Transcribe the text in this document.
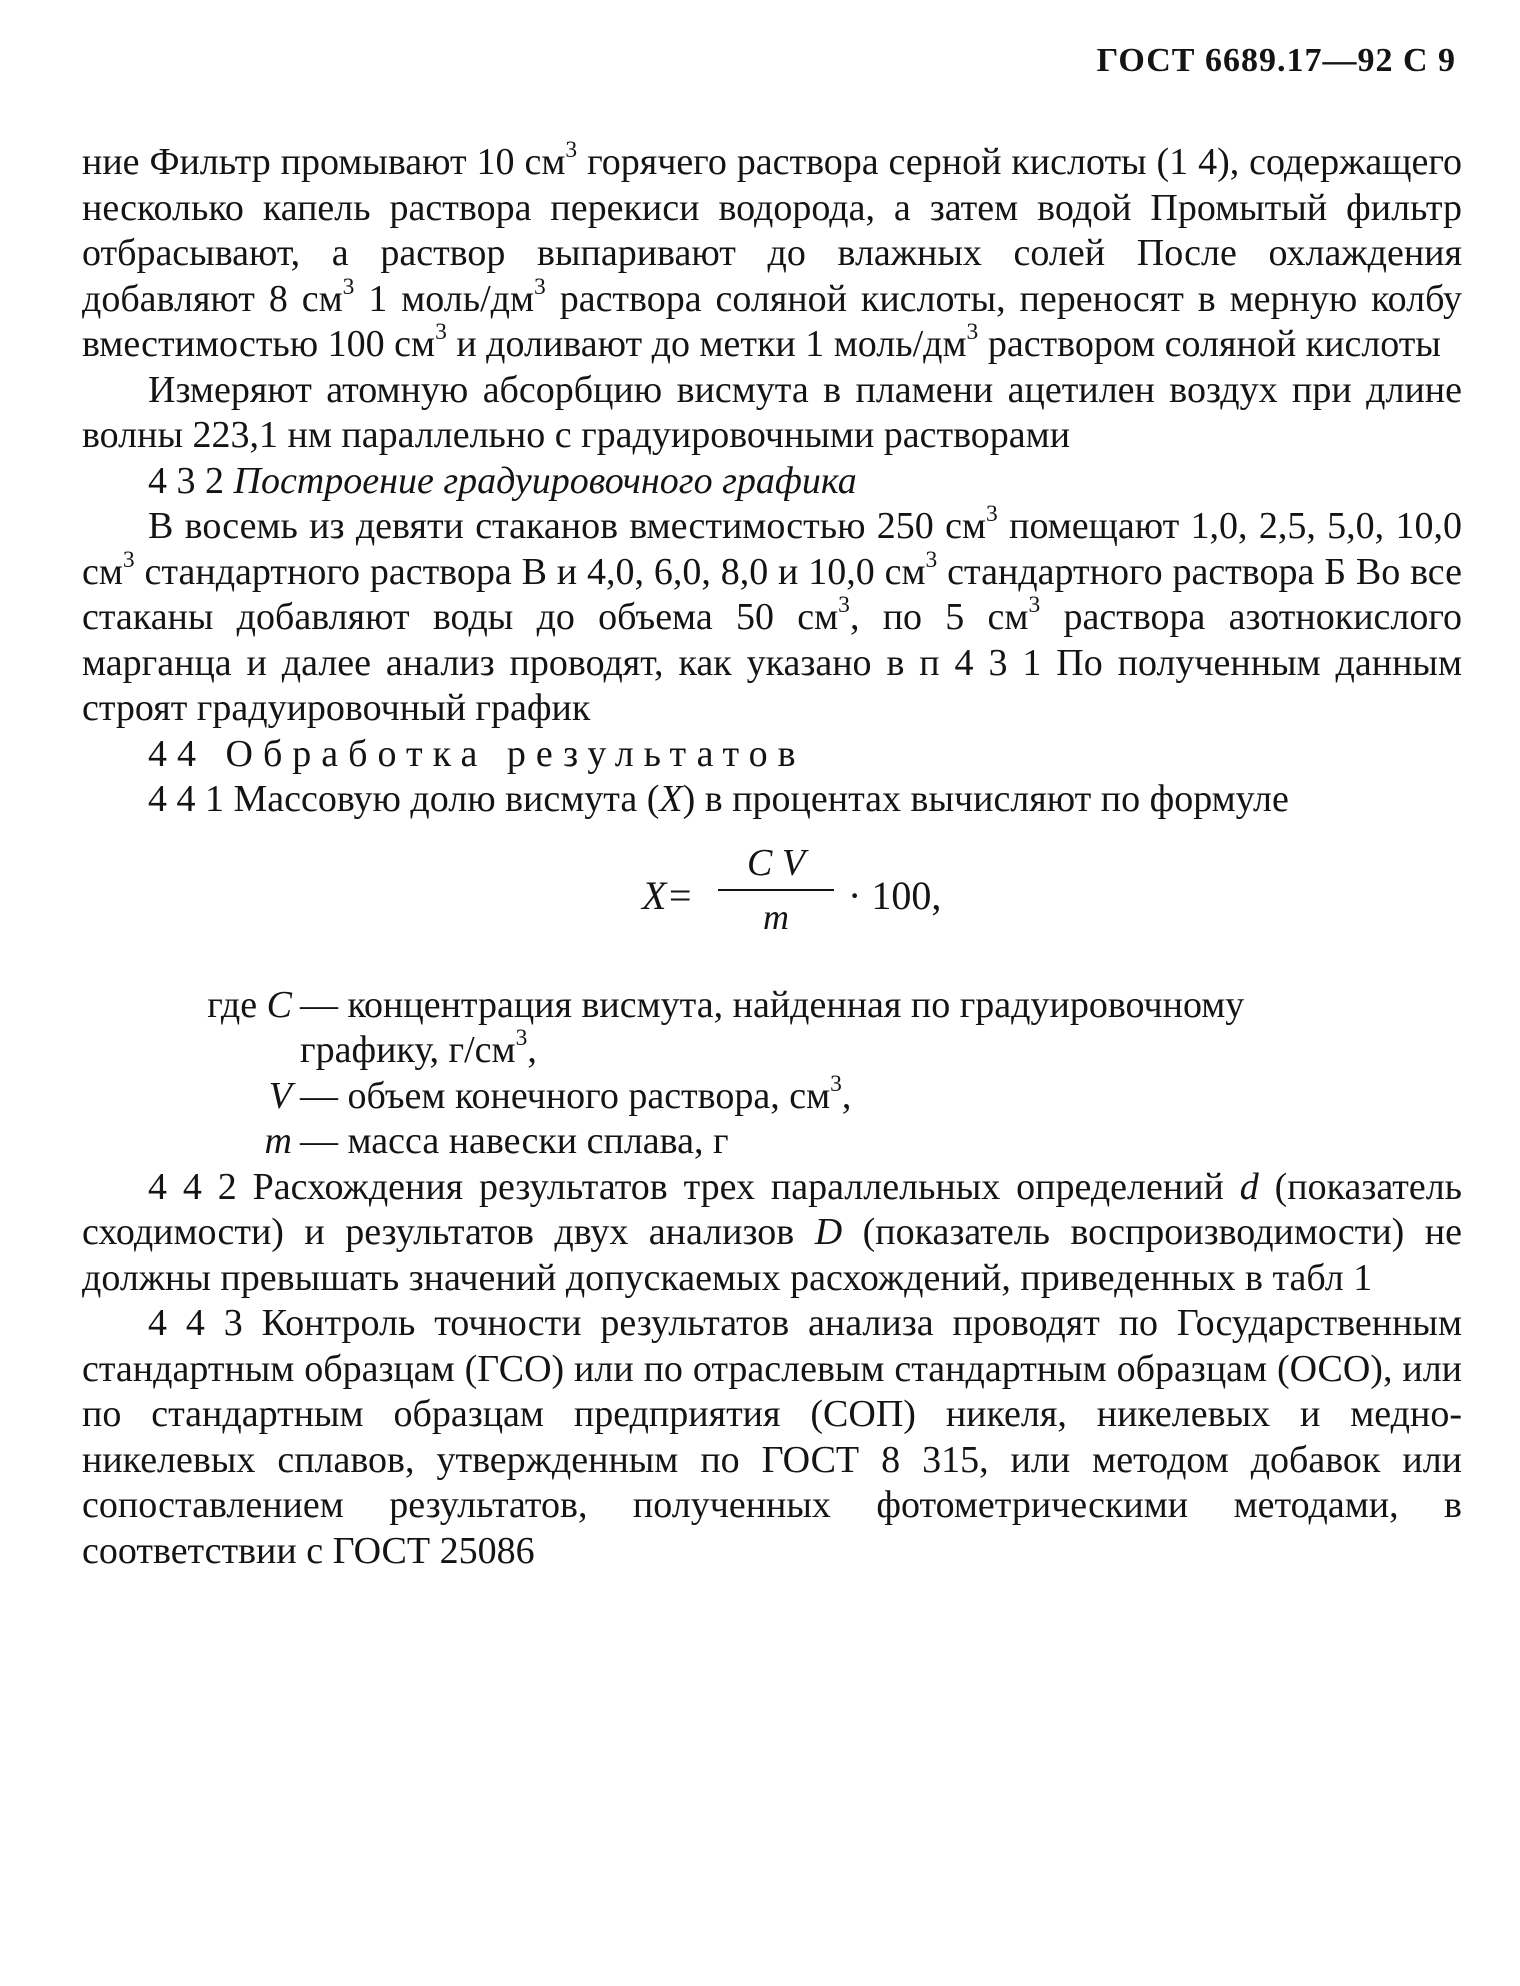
ГОСТ 6689.17—92 С 9

ние Фильтр промывают 10 $см^3$ горячего раствора серной кислоты (1 4), содержащего несколько капель раствора перекиси водорода, а затем водой Промытый фильтр отбрасывают, а раствор выпаривают до влажных солей После охлаждения добавляют 8 $см^3$ 1 моль/$дм^3$ раствора соляной кислоты, переносят в мерную колбу вместимостью 100 $см^3$ и доливают до метки 1 моль/$дм^3$ раствором соляной кислоты

Измеряют атомную абсорбцию висмута в пламени ацетилен воздух при длине волны 223,1 нм параллельно с градуировочными растворами

4 3 2 Построение градуировочного графика

В восемь из девяти стаканов вместимостью 250 $см^3$ помещают 1,0, 2,5, 5,0, 10,0 $см^3$ стандартного раствора В и 4,0, 6,0, 8,0 и 10,0 $см^3$ стандартного раствора Б Во все стаканы добавляют воды до объема 50 $см^3$, по 5 $см^3$ раствора азотнокислого марганца и далее анализ проводят, как указано в п 4 3 1 По полученным данным строят градуировочный график

44 Обработка результатов

4 4 1 Массовую долю висмута (X) в процентах вычисляют по формуле

X=
C V
m	· 100,
где C — концентрация висмута, найденная по градуировочному
графику, $г/см^3$,
V — объем конечного раствора, $см^3$,
m — масса навески сплава, г

4 4 2 Расхождения результатов трех параллельных определений d (показатель сходимости) и результатов двух анализов D (показатель воспроизводимости) не должны превышать значений допускаемых расхождений, приведенных в табл 1

4 4 3 Контроль точности результатов анализа проводят по Государственным стандартным образцам (ГСО) или по отраслевым стандартным образцам (ОСО), или по стандартным образцам предприятия (СОП) никеля, никелевых и медно-никелевых сплавов, утвержденным по ГОСТ 8 315, или методом добавок или сопоставлением результатов, полученных фотометрическими методами, в соответствии с ГОСТ 25086
